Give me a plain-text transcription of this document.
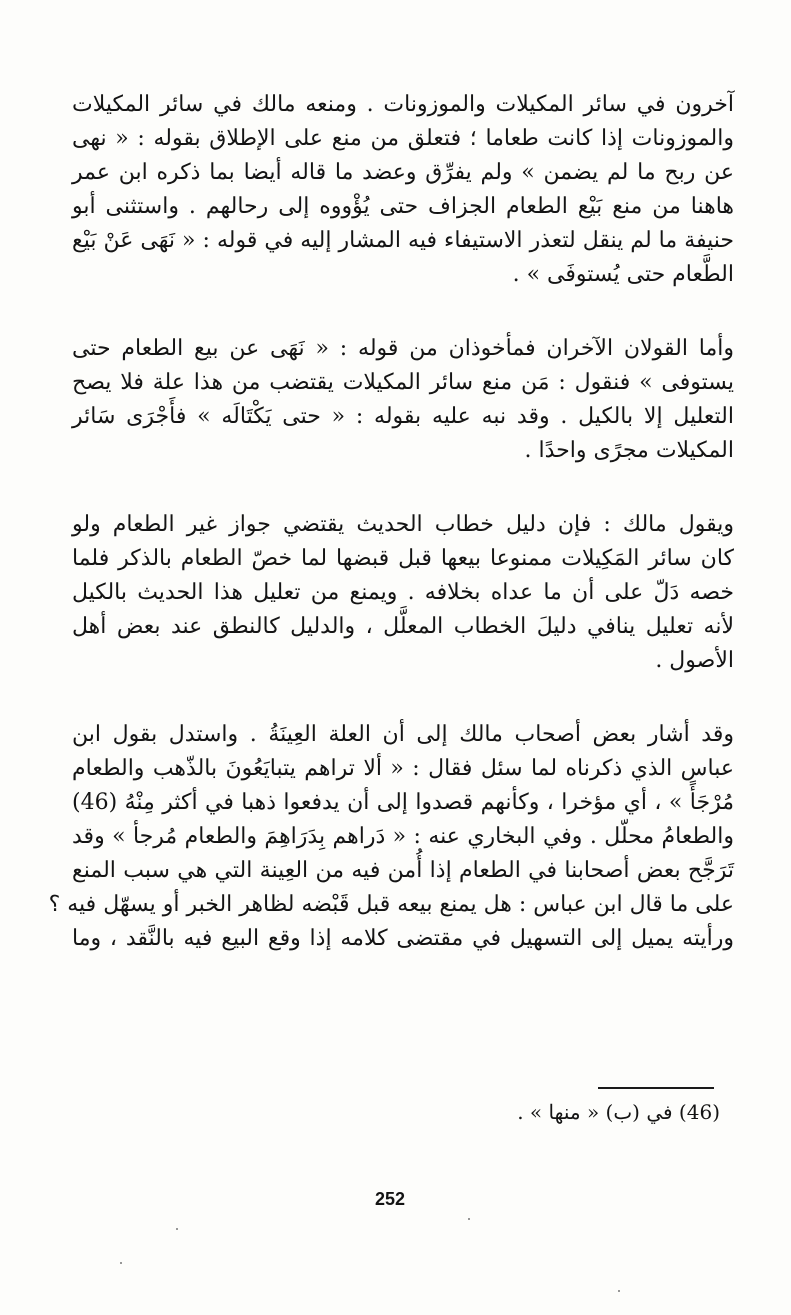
آخرون في سائر المكيلات والموزونات . ومنعه مالك في سائر المكيلات
والموزونات إذا كانت طعاما ؛ فتعلق من منع على الإطلاق بقوله : « نهى
عن ربح ما لم يضمن » ولم يفرِّق وعضد ما قاله أيضا بما ذكره ابن عمر
هاهنا من منع بَيْع الطعام الجزاف حتى يُؤْووه إلى رحالهم . واستثنى أبو
حنيفة ما لم ينقل لتعذر الاستيفاء فيه المشار إليه في قوله : « نَهَى عَنْ بَيْع
الطَّعام حتى يُستوفَى » .
وأما القولان الآخران فمأخوذان من قوله : « نَهَى عن بيع الطعام حتى
يستوفى » فنقول : مَن منع سائر المكيلات يقتضب من هذا علة فلا يصح
التعليل إلا بالكيل . وقد نبه عليه بقوله : « حتى يَكْتَالَه » فأَجْرَى سَائر
المكيلات مجرًى واحدًا .
ويقول مالك : فإن دليل خطاب الحديث يقتضي جواز غير الطعام ولو
كان سائر المَكِيلات ممنوعا بيعها قبل قبضها لما خصّ الطعام بالذكر فلما
خصه دَلّ على أن ما عداه بخلافه . ويمنع من تعليل هذا الحديث بالكيل
لأنه تعليل ينافي دليلَ الخطاب المعلَّل ، والدليل كالنطق عند بعض أهل
الأصول .
وقد أشار بعض أصحاب مالك إلى أن العلة العِينَةُ . واستدل بقول ابن
عباس الذي ذكرناه لما سئل فقال : « ألا تراهم يتبايَعُونَ بالذّهب والطعام
مُرْجَأً » ، أي مؤخرا ، وكأنهم قصدوا إلى أن يدفعوا ذهبا في أكثر مِنْهُ (46)
والطعامُ محلّل . وفي البخاري عنه : « دَراهم بِدَرَاهِمَ والطعام مُرجأ » وقد
تَرَجَّح بعض أصحابنا في الطعام إذا أُمن فيه من العِينة التي هي سبب المنع
على ما قال ابن عباس : هل يمنع بيعه قبل قَبْضه لظاهر الخبر أو يسهّل فيه ؟
ورأيته يميل إلى التسهيل في مقتضى كلامه إذا وقع البيع فيه بالنَّقد ، وما
(46) في (ب) « منها » .
252
